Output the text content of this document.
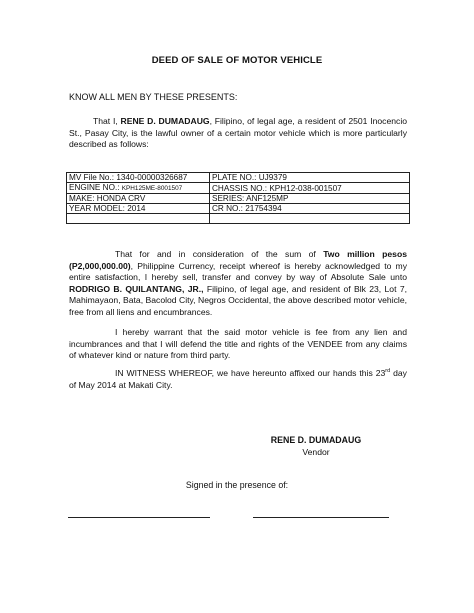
DEED OF SALE OF MOTOR VEHICLE
KNOW ALL MEN BY THESE PRESENTS:
That I, RENE D. DUMADAUG, Filipino, of legal age, a resident of 2501 Inocencio St., Pasay City, is the lawful owner of a certain motor vehicle which is more particularly described as follows:
MV File No.: 1340-00000326687	PLATE NO.: UJ9379
ENGINE NO.: KPH125ME-8001507	CHASSIS NO.: KPH12-038-001507
MAKE: HONDA CRV	SERIES: ANF125MP
YEAR MODEL: 2014	CR NO.: 21754394

That for and in consideration of the sum of Two million pesos (P2,000,000.00), Philippine Currency, receipt whereof is hereby acknowledged to my entire satisfaction, I hereby sell, transfer and convey by way of Absolute Sale unto RODRIGO B. QUILANTANG, JR., Filipino, of legal age, and resident of Blk 23, Lot 7, Mahimayaon, Bata, Bacolod City, Negros Occidental, the above described motor vehicle, free from all liens and encumbrances.
I hereby warrant that the said motor vehicle is fee from any lien and incumbrances and that I will defend the title and rights of the VENDEE from any claims of whatever kind or nature from third party.
IN WITNESS WHEREOF, we have hereunto affixed our hands this 23rd day of May 2014 at Makati City.
RENE D. DUMADAUG
Vendor
Signed in the presence of:
